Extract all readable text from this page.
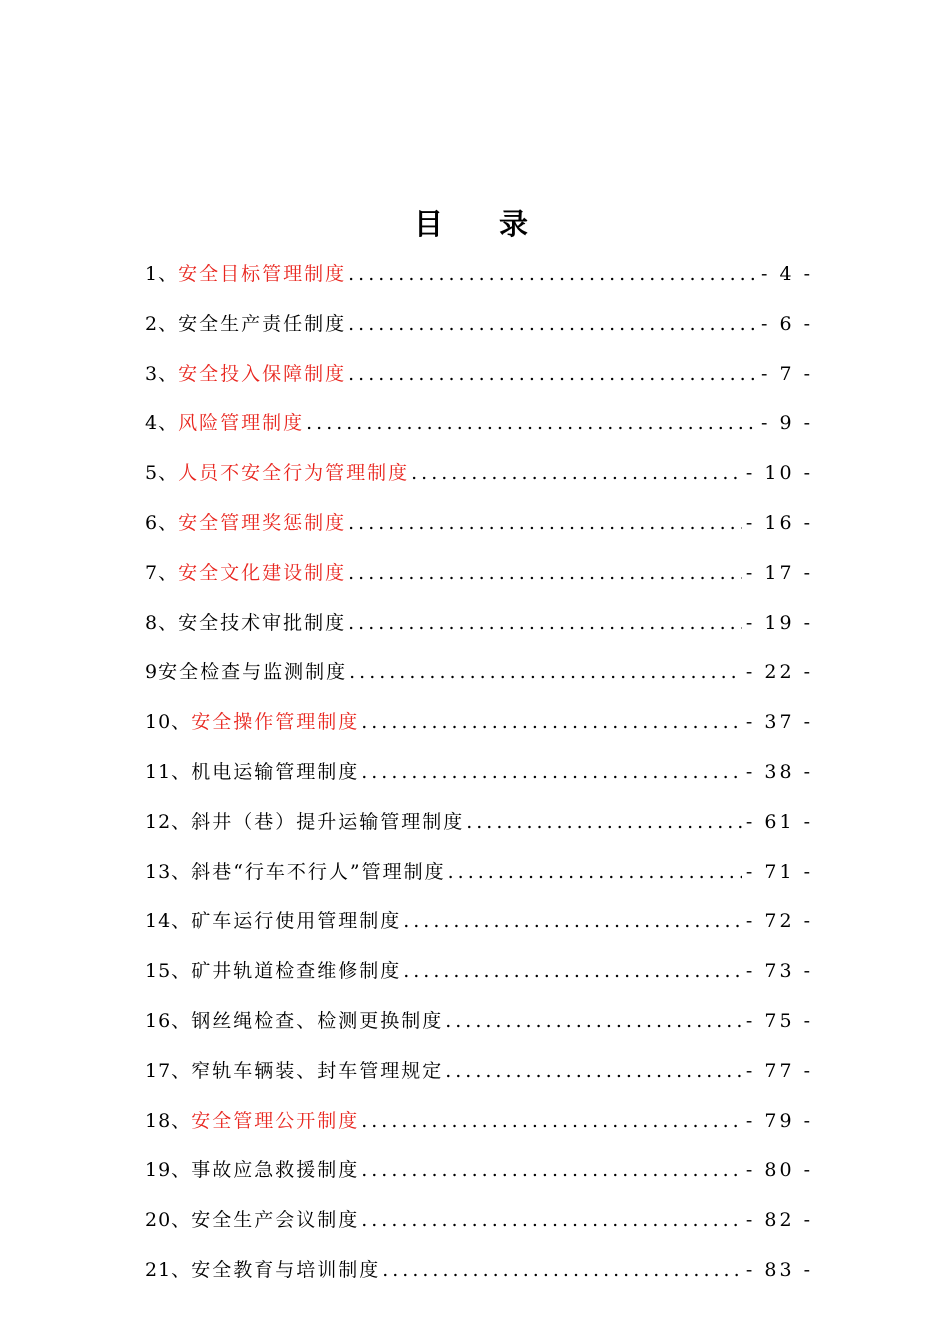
目录
1、 安全目标管理制度 .....	- 4 -
2、 安全生产责任制度 .....	- 6 -
3、 安全投入保障制度 .....	- 7 -
4、 风险管理制度 .....	- 9 -
5、 人员不安全行为管理制度 .....	- 10 -
6、 安全管理奖惩制度 .....	- 16 -
7、 安全文化建设制度 .....	- 17 -
8、 安全技术审批制度 .....	- 19 -
9 安全检查与监测制度 .....	- 22 -
10、 安全操作管理制度 .....	- 37 -
11、 机电运输管理制度 .....	- 38 -
12、 斜井（巷）提升运输管理制度 .....	- 61 -
13、 斜巷“行车不行人”管理制度 .....	- 71 -
14、 矿车运行使用管理制度 .....	- 72 -
15、 矿井轨道检查维修制度 .....	- 73 -
16、 钢丝绳检查、检测更换制度 .....	- 75 -
17、 窄轨车辆装、封车管理规定 .....	- 77 -
18、 安全管理公开制度 .....	- 79 -
19、 事故应急救援制度 .....	- 80 -
20、 安全生产会议制度 .....	- 82 -
21、 安全教育与培训制度 .....	- 83 -
